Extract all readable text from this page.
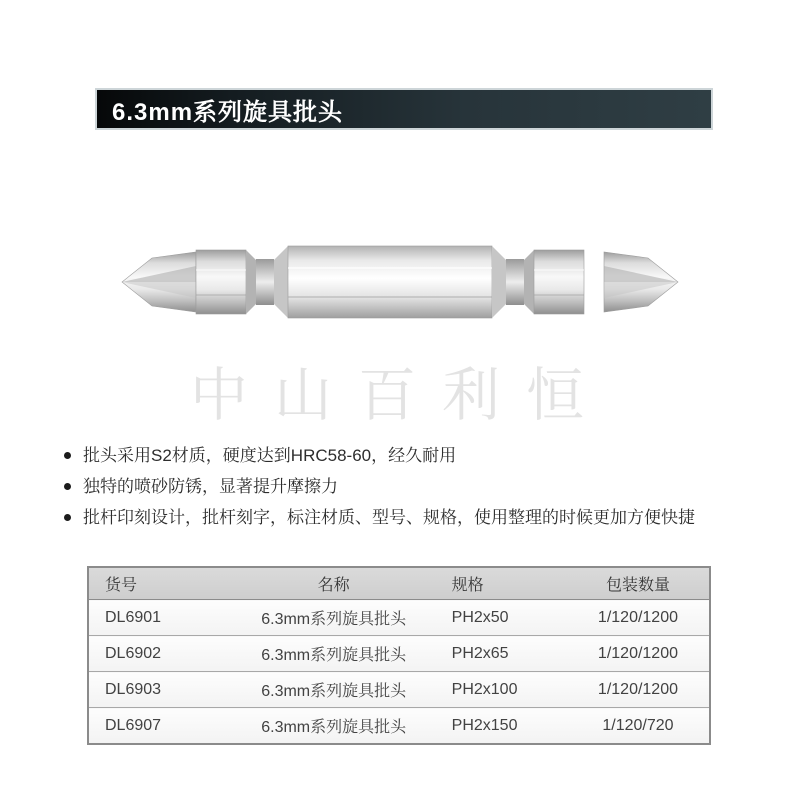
6.3mm系列旋具批头
中山百利恒
批头采用S2材质，硬度达到HRC58-60，经久耐用
独特的喷砂防锈，显著提升摩擦力
批杆印刻设计，批杆刻字，标注材质、型号、规格，使用整理的时候更加方便快捷
货号	名称	规格	包装数量
DL6901	6.3mm系列旋具批头	PH2x50	1/120/1200
DL6902	6.3mm系列旋具批头	PH2x65	1/120/1200
DL6903	6.3mm系列旋具批头	PH2x100	1/120/1200
DL6907	6.3mm系列旋具批头	PH2x150	1/120/720
